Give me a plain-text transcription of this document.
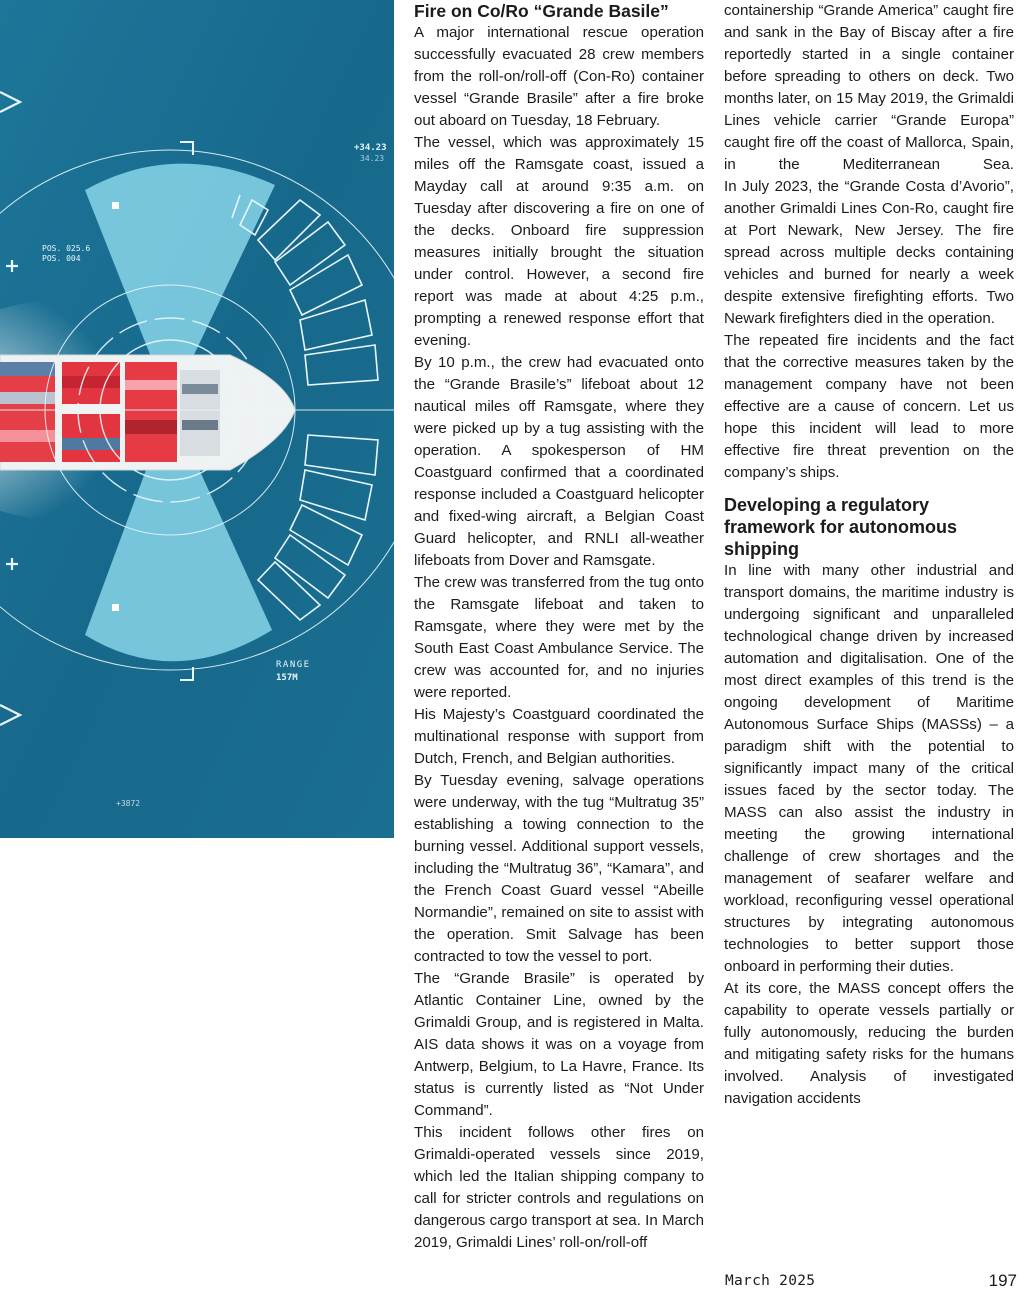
+34.23
34.23
POS. 025.6
POS. 004
RANGE
157M
+3872
Fire on Co/Ro “Grande Basile”

A major international rescue operation successfully evacuated 28 crew members from the roll-on/roll-off (Con-Ro) container vessel “Grande Brasile” after a fire broke out aboard on Tuesday, 18 February.

The vessel, which was approximately 15 miles off the Ramsgate coast, issued a Mayday call at around 9:35 a.m. on Tuesday after discovering a fire on one of the decks. Onboard fire suppression measures initially brought the situation under control. However, a second fire report was made at about 4:25 p.m., prompting a renewed response effort that evening.

By 10 p.m., the crew had evacuated onto the “Grande Brasile’s” lifeboat about 12 nautical miles off Ramsgate, where they were picked up by a tug assisting with the operation. A spokesperson of HM Coastguard confirmed that a coordinated response included a Coastguard helicopter and fixed-wing aircraft, a Belgian Coast Guard helicopter, and RNLI all-weather lifeboats from Dover and Ramsgate.

The crew was transferred from the tug onto the Ramsgate lifeboat and taken to Ramsgate, where they were met by the South East Coast Ambulance Service. The crew was accounted for, and no injuries were reported.

His Majesty’s Coastguard coordinated the multinational response with support from Dutch, French, and Belgian authorities.

By Tuesday evening, salvage operations were underway, with the tug “Multratug 35” establishing a towing connection to the burning vessel. Additional support vessels, including the “Multratug 36”, “Kamara”, and the French Coast Guard vessel “Abeille Normandie”, remained on site to assist with the operation. Smit Salvage has been contracted to tow the vessel to port.

The “Grande Brasile” is operated by Atlantic Container Line, owned by the Grimaldi Group, and is registered in Malta. AIS data shows it was on a voyage from Antwerp, Belgium, to La Havre, France. Its status is currently listed as “Not Under Command”.

This incident follows other fires on Grimaldi-operated vessels since 2019, which led the Italian shipping company to call for stricter controls and regulations on dangerous cargo transport at sea. In March 2019, Grimaldi Lines’ roll-on/roll-off

containership “Grande America” caught fire and sank in the Bay of Biscay after a fire reportedly started in a single container before spreading to others on deck. Two months later, on 15 May 2019, the Grimaldi Lines vehicle carrier “Grande Europa” caught fire off the coast of Mallorca, Spain, in the Mediterranean Sea.

In July 2023, the “Grande Costa d’Avorio”, another Grimaldi Lines Con-Ro, caught fire at Port Newark, New Jersey. The fire spread across multiple decks containing vehicles and burned for nearly a week despite extensive firefighting efforts. Two Newark firefighters died in the operation.

The repeated fire incidents and the fact that the corrective measures taken by the management company have not been effective are a cause of concern. Let us hope this incident will lead to more effective fire threat prevention on the company’s ships.

Developing a regulatory framework for autonomous shipping

In line with many other industrial and transport domains, the maritime industry is undergoing significant and unparalleled technological change driven by increased automation and digitalisation. One of the most direct examples of this trend is the ongoing development of Maritime Autonomous Surface Ships (MASSs) – a paradigm shift with the potential to significantly impact many of the critical issues faced by the sector today. The MASS can also assist the industry in meeting the growing international challenge of crew shortages and the management of seafarer welfare and workload, reconfiguring vessel operational structures by integrating autonomous technologies to better support those onboard in performing their duties.

At its core, the MASS concept offers the capability to operate vessels partially or fully autonomously, reducing the burden and mitigating safety risks for the humans involved. Analysis of investigated navigation accidents

March 2025	197
